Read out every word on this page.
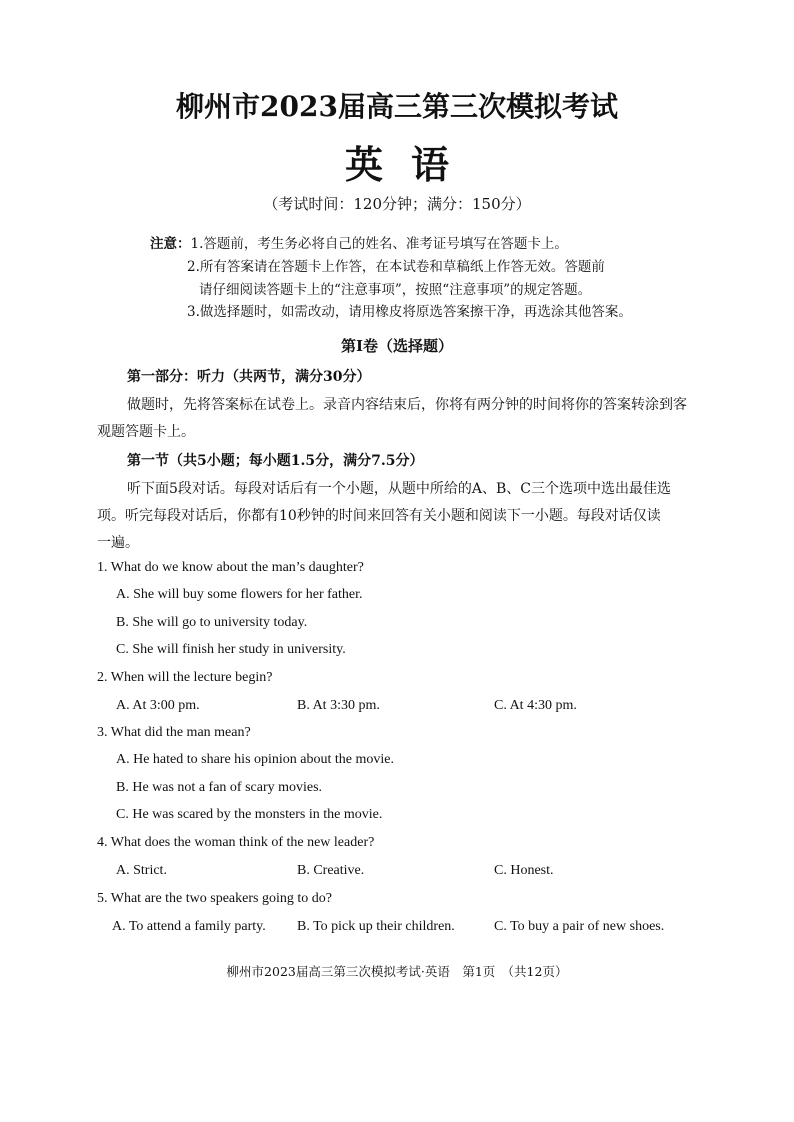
柳州市2023届高三第三次模拟考试
英语
（考试时间：120分钟；满分：150分）
注意：1.答题前，考生务必将自己的姓名、准考证号填写在答题卡上。
2.所有答案请在答题卡上作答，在本试卷和草稿纸上作答无效。答题前
请仔细阅读答题卡上的“注意事项”，按照“注意事项”的规定答题。
3.做选择题时，如需改动，请用橡皮将原选答案擦干净，再选涂其他答案。
第Ⅰ卷（选择题）
第一部分：听力（共两节，满分30分）
做题时，先将答案标在试卷上。录音内容结束后，你将有两分钟的时间将你的答案转涂到客
观题答题卡上。
第一节（共5小题；每小题1.5分，满分7.5分）
听下面5段对话。每段对话后有一个小题，从题中所给的A、B、C三个选项中选出最佳选
项。听完每段对话后，你都有10秒钟的时间来回答有关小题和阅读下一小题。每段对话仅读
一遍。
1. What do we know about the man’s daughter?
A. She will buy some flowers for her father.
B. She will go to university today.
C. She will finish her study in university.
2. When will the lecture begin?
A. At 3:00 pm.	B. At 3:30 pm.	C. At 4:30 pm.
3. What did the man mean?
A. He hated to share his opinion about the movie.
B. He was not a fan of scary movies.
C. He was scared by the monsters in the movie.
4. What does the woman think of the new leader?
A. Strict.	B. Creative.	C. Honest.
5. What are the two speakers going to do?
A. To attend a family party. B. To pick up their children.	C. To buy a pair of new shoes.
柳州市2023届高三第三次模拟考试·英语　第1页　（共12页）
